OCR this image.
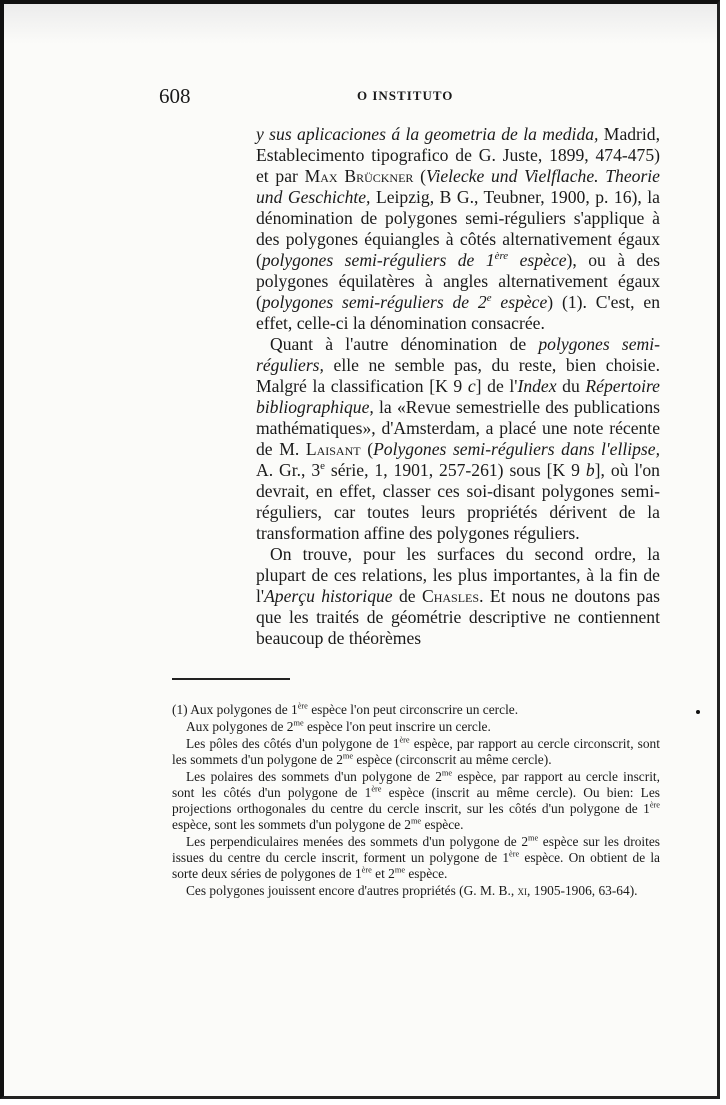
608	O INSTITUTO

y sus aplicaciones á la geometria de la medida, Madrid, Establecimento tipografico de G. Juste, 1899, 474-475) et par Max Brückner (Vielecke und Vielflache. Theorie und Geschichte, Leipzig, B G., Teubner, 1900, p. 16), la dénomination de polygones semi-réguliers s'applique à des polygones équiangles à côtés alternativement égaux (polygones semi-réguliers de 1ère espèce), ou à des polygones équilatères à angles alternativement égaux (polygones semi-réguliers de 2e espèce) (1). C'est, en effet, celle-ci la dénomination consacrée.

Quant à l'autre dénomination de polygones semi-réguliers, elle ne semble pas, du reste, bien choisie. Malgré la classification [K 9 c] de l'Index du Répertoire bibliographique, la «Revue semestrielle des publications mathématiques», d'Amsterdam, a placé une note récente de M. Laisant (Polygones semi-réguliers dans l'ellipse, A. Gr., 3e série, 1, 1901, 257-261) sous [K 9 b], où l'on devrait, en effet, classer ces soi-disant polygones semi-réguliers, car toutes leurs propriétés dérivent de la transformation affine des polygones réguliers.

On trouve, pour les surfaces du second ordre, la plupart de ces relations, les plus importantes, à la fin de l'Aperçu historique de Chasles. Et nous ne doutons pas que les traités de géométrie descriptive ne contiennent beaucoup de théorèmes

(1) Aux polygones de 1ère espèce l'on peut circonscrire un cercle.

Aux polygones de $2^{me}$ espèce l'on peut inscrire un cercle.

Les pôles des côtés d'un polygone de 1ère espèce, par rapport au cercle circonscrit, sont les sommets d'un polygone de $2^{me}$ espèce (circonscrit au même cercle).

Les polaires des sommets d'un polygone de $2^{me}$ espèce, par rapport au cercle inscrit, sont les côtés d'un polygone de 1ère espèce (inscrit au même cercle). Ou bien: Les projections orthogonales du centre du cercle inscrit, sur les côtés d'un polygone de 1ère espèce, sont les sommets d'un polygone de $2^{me}$ espèce.

Les perpendiculaires menées des sommets d'un polygone de $2^{me}$ espèce sur les droites issues du centre du cercle inscrit, forment un polygone de 1ère espèce. On obtient de la sorte deux séries de polygones de 1ère et $2^{me}$ espèce.

Ces polygones jouissent encore d'autres propriétés (G. M. B., xi, 1905-1906, 63-64).
